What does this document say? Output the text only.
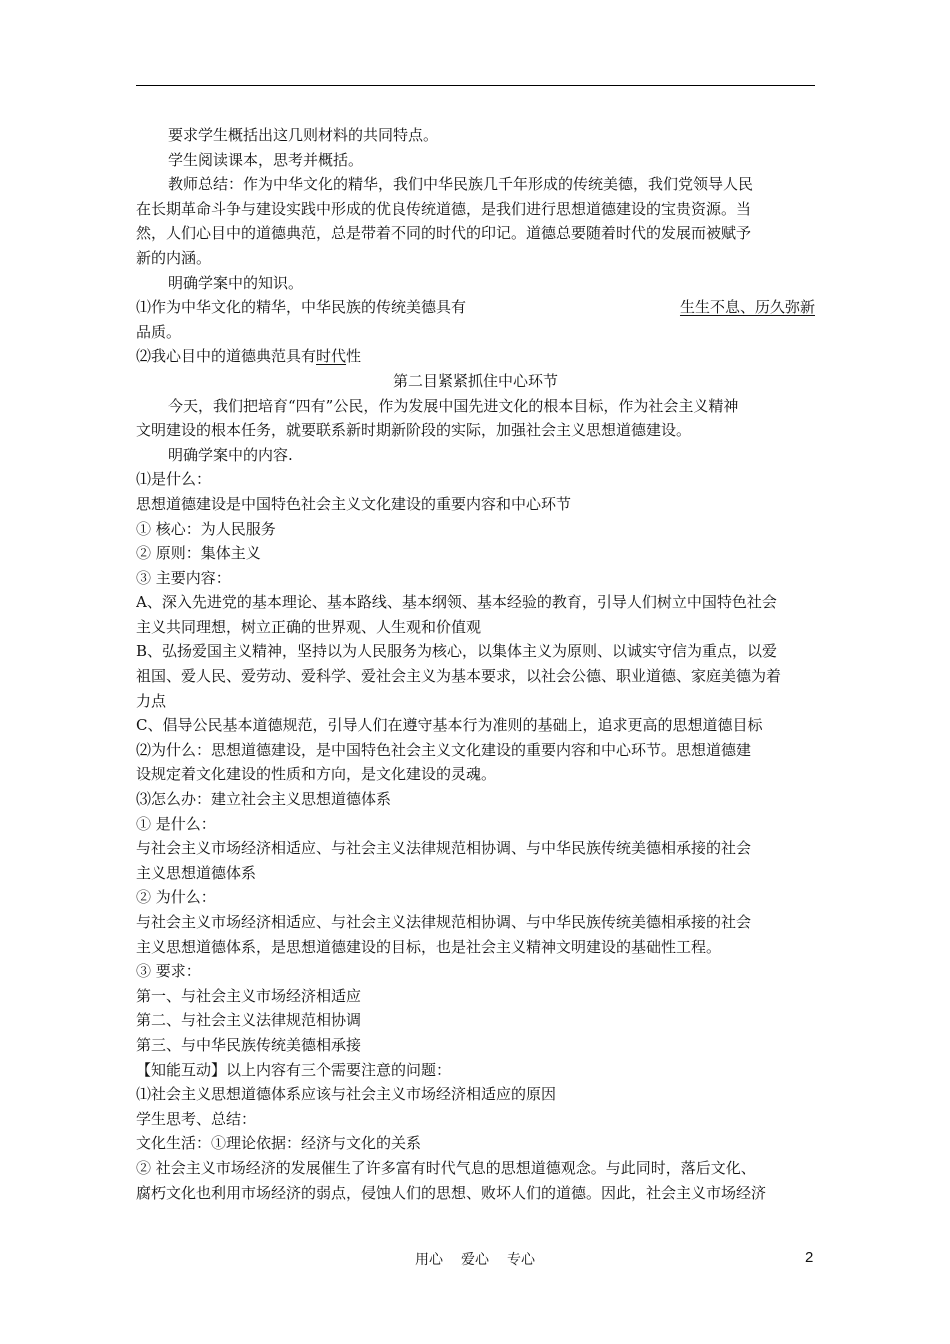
要求学生概括出这几则材料的共同特点。
学生阅读课本，思考并概括。
教师总结：作为中华文化的精华，我们中华民族几千年形成的传统美德，我们党领导人民
在长期革命斗争与建设实践中形成的优良传统道德，是我们进行思想道德建设的宝贵资源。当
然，人们心目中的道德典范，总是带着不同的时代的印记。道德总要随着时代的发展而被赋予
新的内涵。
明确学案中的知识。
⑴作为中华文化的精华，中华民族的传统美德具有	生生不息、历久弥新
品质。
⑵我心目中的道德典范具有时代性
第二目紧紧抓住中心环节
今天，我们把培育“四有”公民，作为发展中国先进文化的根本目标，作为社会主义精神
文明建设的根本任务，就要联系新时期新阶段的实际，加强社会主义思想道德建设。
明确学案中的内容.
⑴是什么：
思想道德建设是中国特色社会主义文化建设的重要内容和中心环节
① 核心：为人民服务
② 原则：集体主义
③ 主要内容：
A、深入先进党的基本理论、基本路线、基本纲领、基本经验的教育，引导人们树立中国特色社会
主义共同理想，树立正确的世界观、人生观和价值观
B、弘扬爱国主义精神，坚持以为人民服务为核心，以集体主义为原则、以诚实守信为重点，以爱
祖国、爱人民、爱劳动、爱科学、爱社会主义为基本要求，以社会公德、职业道德、家庭美德为着
力点
C、倡导公民基本道德规范，引导人们在遵守基本行为准则的基础上，追求更高的思想道德目标
⑵为什么：思想道德建设，是中国特色社会主义文化建设的重要内容和中心环节。思想道德建
设规定着文化建设的性质和方向，是文化建设的灵魂。
⑶怎么办：建立社会主义思想道德体系
① 是什么：
与社会主义市场经济相适应、与社会主义法律规范相协调、与中华民族传统美德相承接的社会
主义思想道德体系
② 为什么：
与社会主义市场经济相适应、与社会主义法律规范相协调、与中华民族传统美德相承接的社会
主义思想道德体系，是思想道德建设的目标，也是社会主义精神文明建设的基础性工程。
③ 要求：
第一、与社会主义市场经济相适应
第二、与社会主义法律规范相协调
第三、与中华民族传统美德相承接
【知能互动】以上内容有三个需要注意的问题：
⑴社会主义思想道德体系应该与社会主义市场经济相适应的原因
学生思考、总结：
文化生活：①理论依据：经济与文化的关系
② 社会主义市场经济的发展催生了许多富有时代气息的思想道德观念。与此同时，落后文化、
腐朽文化也利用市场经济的弱点，侵蚀人们的思想、败坏人们的道德。因此，社会主义市场经济
用心 爱心 专心	2
